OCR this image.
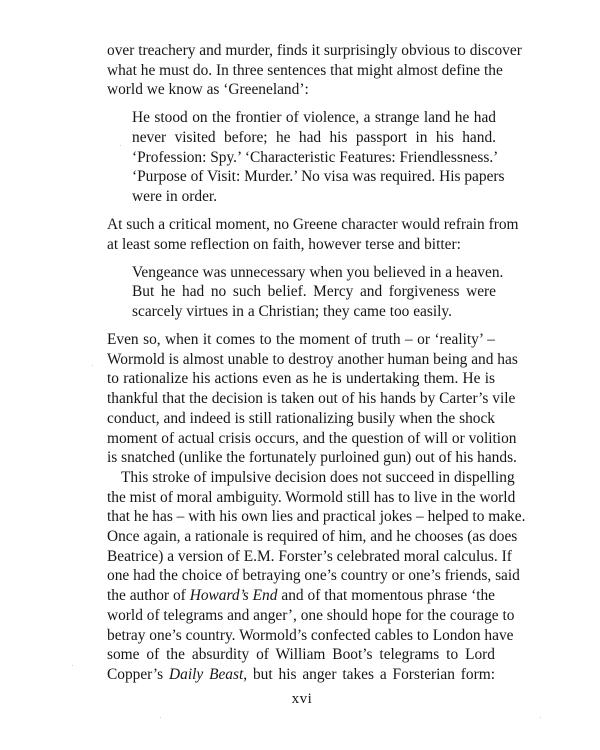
over treachery and murder, finds it surprisingly obvious to discover
what he must do. In three sentences that might almost define the
world we know as ‘Greeneland’:
He stood on the frontier of violence, a strange land he had
never visited before; he had his passport in his hand.
‘Profession: Spy.’ ‘Characteristic Features: Friendlessness.’
‘Purpose of Visit: Murder.’ No visa was required. His papers
were in order.
At such a critical moment, no Greene character would refrain from
at least some reflection on faith, however terse and bitter:
Vengeance was unnecessary when you believed in a heaven.
But he had no such belief. Mercy and forgiveness were
scarcely virtues in a Christian; they came too easily.
Even so, when it comes to the moment of truth – or ‘reality’ –
Wormold is almost unable to destroy another human being and has
to rationalize his actions even as he is undertaking them. He is
thankful that the decision is taken out of his hands by Carter’s vile
conduct, and indeed is still rationalizing busily when the shock
moment of actual crisis occurs, and the question of will or volition
is snatched (unlike the fortunately purloined gun) out of his hands.
xvi
This stroke of impulsive decision does not succeed in dispelling
the mist of moral ambiguity. Wormold still has to live in the world
that he has – with his own lies and practical jokes – helped to make.
Once again, a rationale is required of him, and he chooses (as does
Beatrice) a version of E.M. Forster’s celebrated moral calculus. If
one had the choice of betraying one’s country or one’s friends, said
the author of Howard’s End and of that momentous phrase ‘the
world of telegrams and anger’, one should hope for the courage to
betray one’s country. Wormold’s confected cables to London have
some of the absurdity of William Boot’s telegrams to Lord
Copper’s Daily Beast, but his anger takes a Forsterian form:
